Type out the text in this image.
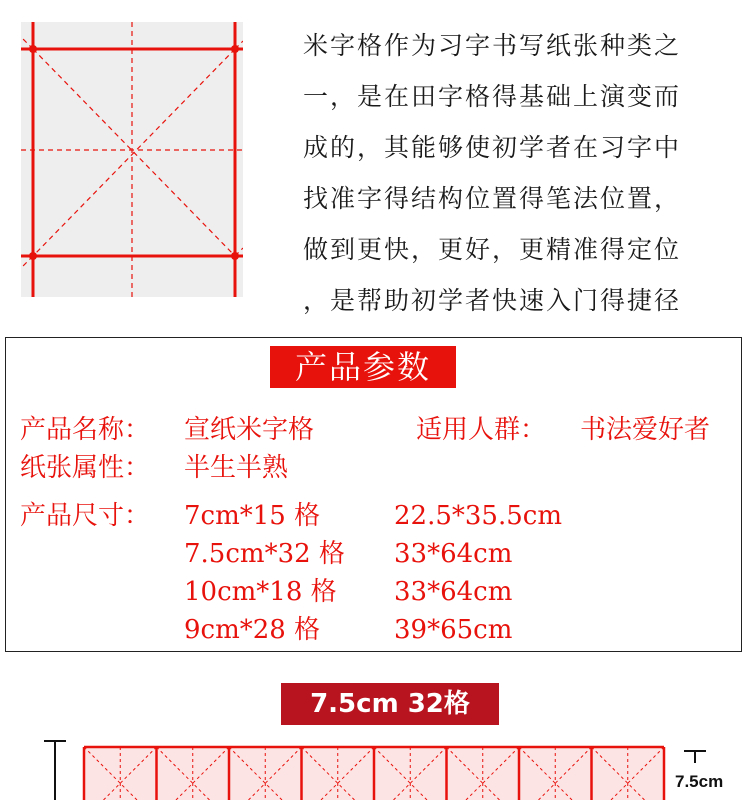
米字格作为习字书写纸张种类之
一，是在田字格得基础上演变而
成的，其能够使初学者在习字中
找准字得结构位置得笔法位置，
做到更快，更好，更精准得定位
，是帮助初学者快速入门得捷径
产品参数
产品名称： 宣纸米字格	适用人群： 书法爱好者
纸张属性： 半生半熟
产品尺寸： 7cm*15 格	22.5*35.5cm
7.5cm*32 格 33*64cm
10cm*18 格 33*64cm
9cm*28 格	39*65cm
7.5cm 32格
7.5cm
